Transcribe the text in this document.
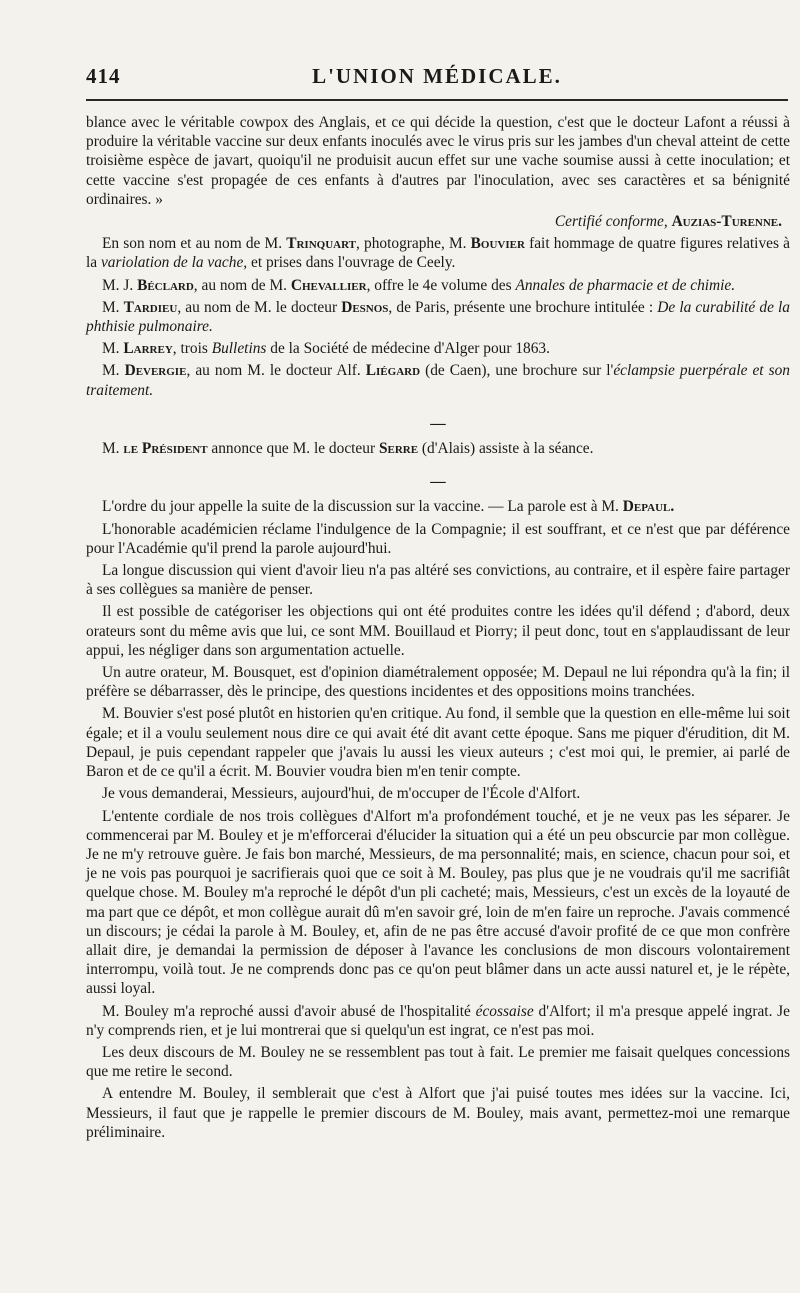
414	L'UNION MÉDICALE.

blance avec le véritable cowpox des Anglais, et ce qui décide la question, c'est que le docteur Lafont a réussi à produire la véritable vaccine sur deux enfants inoculés avec le virus pris sur les jambes d'un cheval atteint de cette troisième espèce de javart, quoiqu'il ne produisit aucun effet sur une vache soumise aussi à cette inoculation; et cette vaccine s'est propagée de ces enfants à d'autres par l'inoculation, avec ses caractères et sa bénignité ordinaires. »

Certifié conforme, Auzias-Turenne.

En son nom et au nom de M. Trinquart, photographe, M. Bouvier fait hommage de quatre figures relatives à la variolation de la vache, et prises dans l'ouvrage de Ceely.

M. J. Béclard, au nom de M. Chevallier, offre le 4e volume des Annales de pharmacie et de chimie.

M. Tardieu, au nom de M. le docteur Desnos, de Paris, présente une brochure intitulée : De la curabilité de la phthisie pulmonaire.

M. Larrey, trois Bulletins de la Société de médecine d'Alger pour 1863.

M. Devergie, au nom M. le docteur Alf. Liégard (de Caen), une brochure sur l'éclampsie puerpérale et son traitement.

—

M. le Président annonce que M. le docteur Serre (d'Alais) assiste à la séance.

—

L'ordre du jour appelle la suite de la discussion sur la vaccine. — La parole est à M. Depaul.

L'honorable académicien réclame l'indulgence de la Compagnie; il est souffrant, et ce n'est que par déférence pour l'Académie qu'il prend la parole aujourd'hui.

La longue discussion qui vient d'avoir lieu n'a pas altéré ses convictions, au contraire, et il espère faire partager à ses collègues sa manière de penser.

Il est possible de catégoriser les objections qui ont été produites contre les idées qu'il défend ; d'abord, deux orateurs sont du même avis que lui, ce sont MM. Bouillaud et Piorry; il peut donc, tout en s'applaudissant de leur appui, les négliger dans son argumentation actuelle.

Un autre orateur, M. Bousquet, est d'opinion diamétralement opposée; M. Depaul ne lui répondra qu'à la fin; il préfère se débarrasser, dès le principe, des questions incidentes et des oppositions moins tranchées.

M. Bouvier s'est posé plutôt en historien qu'en critique. Au fond, il semble que la question en elle-même lui soit égale; et il a voulu seulement nous dire ce qui avait été dit avant cette époque. Sans me piquer d'érudition, dit M. Depaul, je puis cependant rappeler que j'avais lu aussi les vieux auteurs ; c'est moi qui, le premier, ai parlé de Baron et de ce qu'il a écrit. M. Bouvier voudra bien m'en tenir compte.

Je vous demanderai, Messieurs, aujourd'hui, de m'occuper de l'École d'Alfort.

L'entente cordiale de nos trois collègues d'Alfort m'a profondément touché, et je ne veux pas les séparer. Je commencerai par M. Bouley et je m'efforcerai d'élucider la situation qui a été un peu obscurcie par mon collègue. Je ne m'y retrouve guère. Je fais bon marché, Messieurs, de ma personnalité; mais, en science, chacun pour soi, et je ne vois pas pourquoi je sacrifierais quoi que ce soit à M. Bouley, pas plus que je ne voudrais qu'il me sacrifiât quelque chose. M. Bouley m'a reproché le dépôt d'un pli cacheté; mais, Messieurs, c'est un excès de la loyauté de ma part que ce dépôt, et mon collègue aurait dû m'en savoir gré, loin de m'en faire un reproche. J'avais commencé un discours; je cédai la parole à M. Bouley, et, afin de ne pas être accusé d'avoir profité de ce que mon confrère allait dire, je demandai la permission de déposer à l'avance les conclusions de mon discours volontairement interrompu, voilà tout. Je ne comprends donc pas ce qu'on peut blâmer dans un acte aussi naturel et, je le répète, aussi loyal.

M. Bouley m'a reproché aussi d'avoir abusé de l'hospitalité écossaise d'Alfort; il m'a presque appelé ingrat. Je n'y comprends rien, et je lui montrerai que si quelqu'un est ingrat, ce n'est pas moi.

Les deux discours de M. Bouley ne se ressemblent pas tout à fait. Le premier me faisait quelques concessions que me retire le second.

A entendre M. Bouley, il semblerait que c'est à Alfort que j'ai puisé toutes mes idées sur la vaccine. Ici, Messieurs, il faut que je rappelle le premier discours de M. Bouley, mais avant, permettez-moi une remarque préliminaire.
